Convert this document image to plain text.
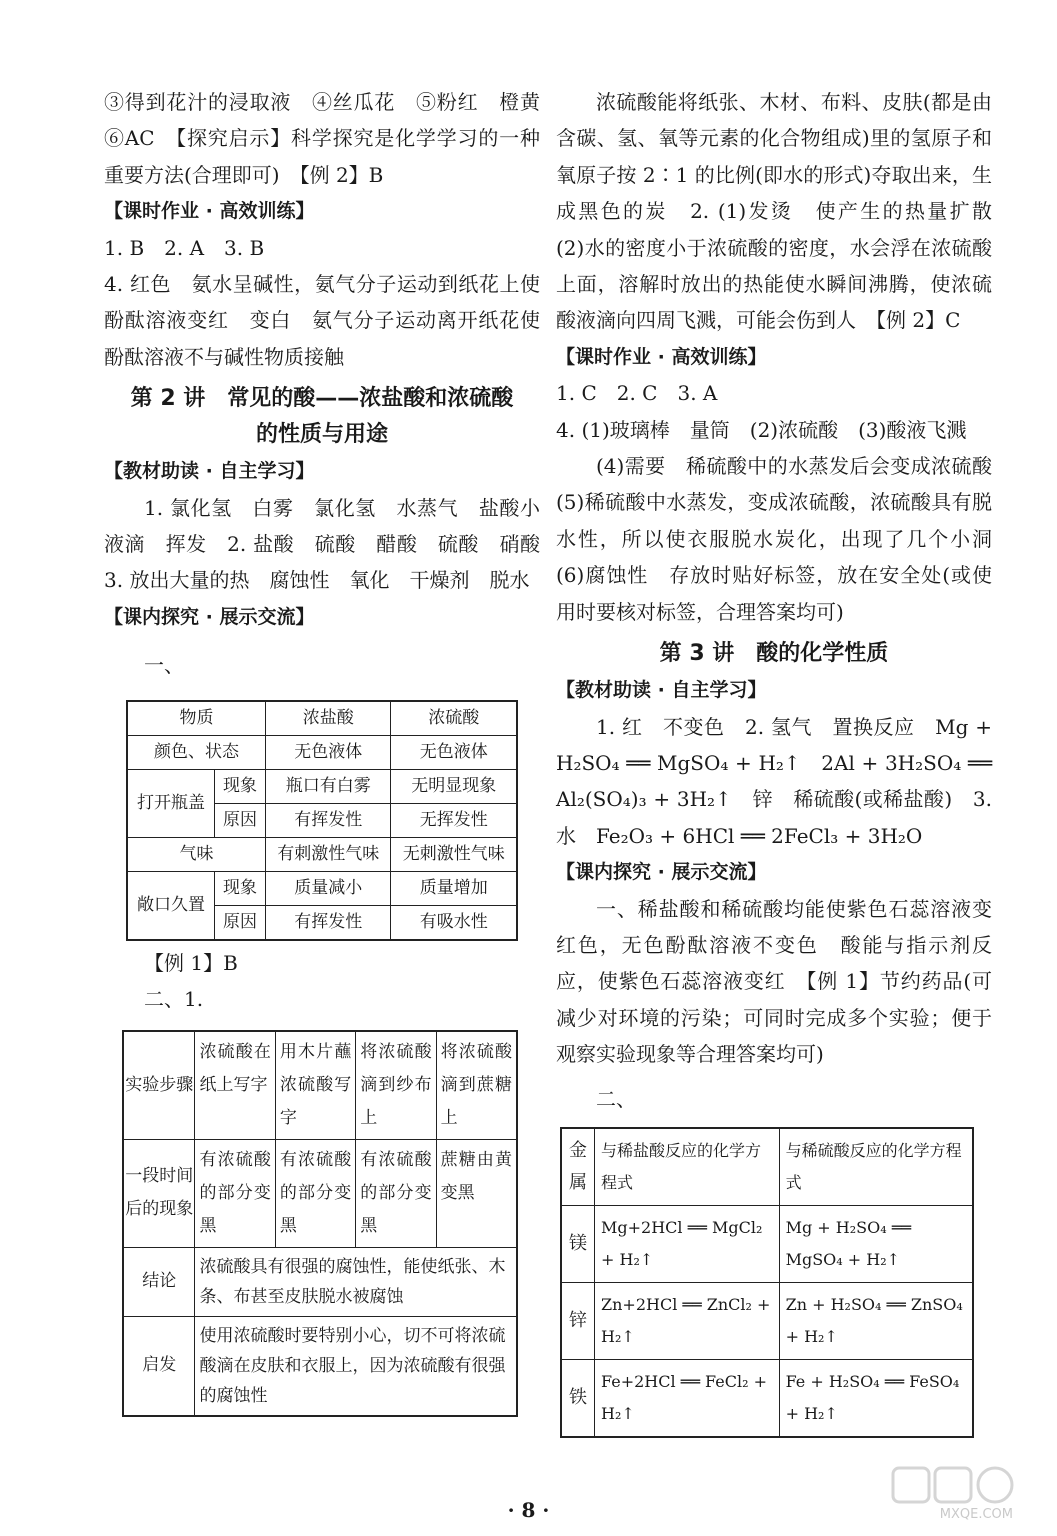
③得到花汁的浸取液　④丝瓜花　⑤粉红　橙黄　⑥AC　【探究启示】科学探究是化学学习的一种重要方法(合理即可)　【例 2】B

【课时作业 · 高效训练】

1. B　2. A　3. B

4. 红色　氨水呈碱性，氨气分子运动到纸花上使酚酞溶液变红　变白　氨气分子运动离开纸花使酚酞溶液不与碱性物质接触

第 2 讲　常见的酸——浓盐酸和浓硫酸

的性质与用途

【教材助读 · 自主学习】

1. 氯化氢　白雾　氯化氢　水蒸气　盐酸小液滴　挥发　2. 盐酸　硫酸　醋酸　硫酸　硝酸　3. 放出大量的热　腐蚀性　氧化　干燥剂　脱水

【课内探究 · 展示交流】

一、

物质		浓盐酸	浓硫酸
颜色、状态		无色液体	无色液体
打开瓶盖	现象	瓶口有白雾	无明显现象
	原因	有挥发性	无挥发性
气味		有刺激性气味	无刺激性气味
敞口久置	现象	质量减小	质量增加
	原因	有挥发性	有吸水性

【例 1】B

二、1.

实验步骤	浓硫酸在纸上写字	用木片蘸浓硫酸写字	将浓硫酸滴到纱布上	将浓硫酸滴到蔗糖上
一段时间后的现象	有浓硫酸的部分变黑	有浓硫酸的部分变黑	有浓硫酸的部分变黑	蔗糖由黄变黑
结论	浓硫酸具有很强的腐蚀性，能使纸张、木条、布甚至皮肤脱水被腐蚀			
启发	使用浓硫酸时要特别小心，切不可将浓硫酸滴在皮肤和衣服上，因为浓硫酸有很强的腐蚀性			

浓硫酸能将纸张、木材、布料、皮肤(都是由含碳、氢、氧等元素的化合物组成)里的氢原子和氧原子按 2∶1 的比例(即水的形式)夺取出来，生成黑色的炭　2. (1)发烫　使产生的热量扩散　(2)水的密度小于浓硫酸的密度，水会浮在浓硫酸上面，溶解时放出的热能使水瞬间沸腾，使浓硫酸液滴向四周飞溅，可能会伤到人　【例 2】C

【课时作业 · 高效训练】

1. C　2. C　3. A

4. (1)玻璃棒　量筒　(2)浓硫酸　(3)酸液飞溅

(4)需要　稀硫酸中的水蒸发后会变成浓硫酸　(5)稀硫酸中水蒸发，变成浓硫酸，浓硫酸具有脱水性，所以使衣服脱水炭化，出现了几个小洞　(6)腐蚀性　存放时贴好标签，放在安全处(或使用时要核对标签，合理答案均可)

第 3 讲　酸的化学性质

【教材助读 · 自主学习】

1. 红　不变色　2. 氢气　置换反应　Mg + H₂SO₄ ══ MgSO₄ + H₂↑　2Al + 3H₂SO₄ ══ Al₂(SO₄)₃ + 3H₂↑　锌　稀硫酸(或稀盐酸)　3. 水　Fe₂O₃ + 6HCl ══ 2FeCl₃ + 3H₂O

【课内探究 · 展示交流】

一、稀盐酸和稀硫酸均能使紫色石蕊溶液变红色，无色酚酞溶液不变色　酸能与指示剂反应，使紫色石蕊溶液变红　【例 1】节约药品(可减少对环境的污染；可同时完成多个实验；便于观察实验现象等合理答案均可)

二、

金属	与稀盐酸反应的化学方程式	与稀硫酸反应的化学方程式
镁	Mg+2HCl ══ MgCl₂ + H₂↑	Mg + H₂SO₄ ══ MgSO₄ + H₂↑
锌	Zn+2HCl ══ ZnCl₂ + H₂↑	Zn + H₂SO₄ ══ ZnSO₄ + H₂↑
铁	Fe+2HCl ══ FeCl₂ + H₂↑	Fe + H₂SO₄ ══ FeSO₄ + H₂↑
· 8 ·	MXQE.COM
